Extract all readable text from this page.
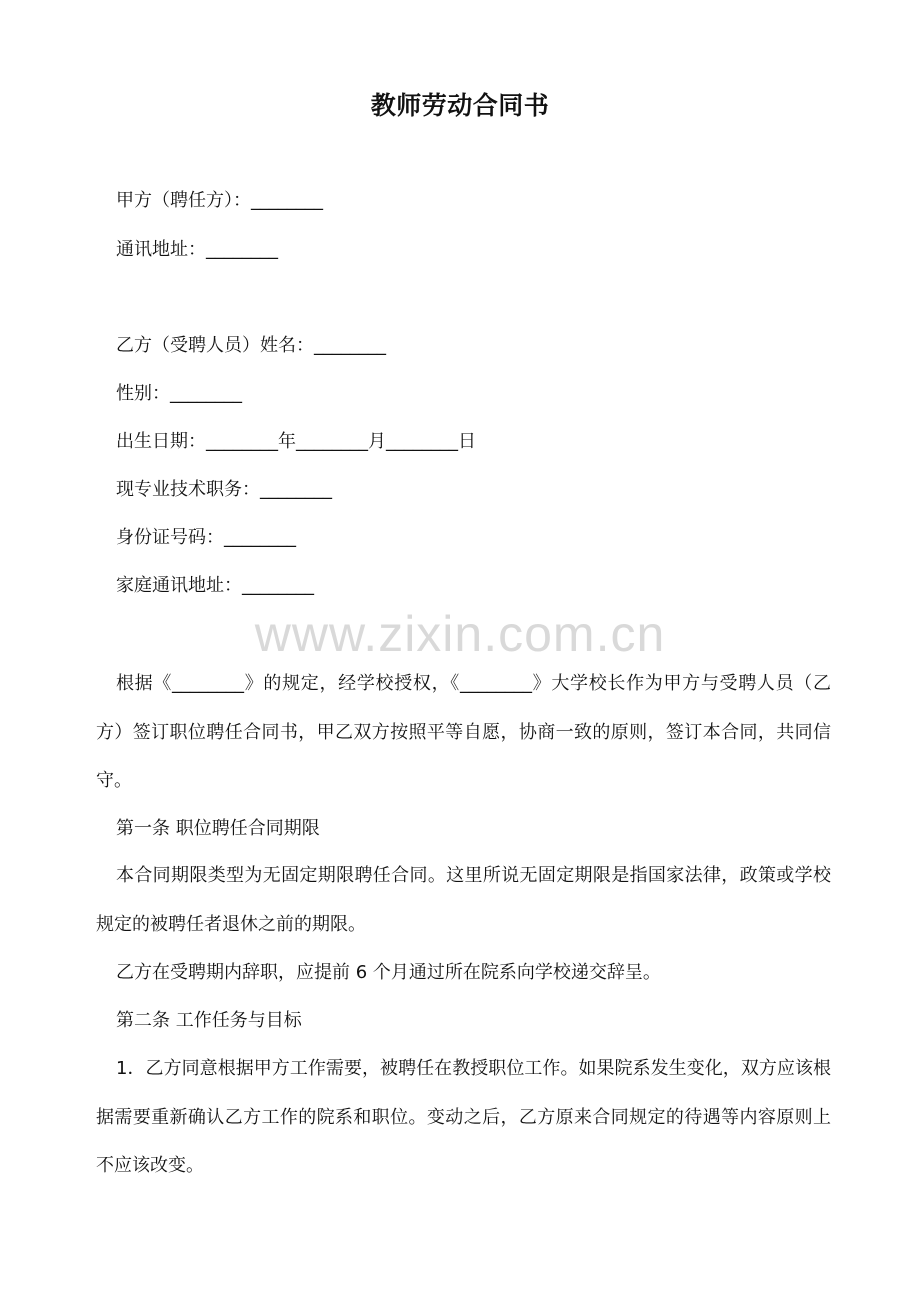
教师劳动合同书
甲方（聘任方）：________
通讯地址：________
乙方（受聘人员）姓名：________
性别：________
出生日期：________年________月________日
现专业技术职务：________
身份证号码：________
家庭通讯地址：________
www.zixin.com.cn
根据《________》的规定，经学校授权，《________》大学校长作为甲方与受聘人员（乙方）签订职位聘任合同书，甲乙双方按照平等自愿，协商一致的原则，签订本合同，共同信守。
第一条 职位聘任合同期限
本合同期限类型为无固定期限聘任合同。这里所说无固定期限是指国家法律，政策或学校规定的被聘任者退休之前的期限。
乙方在受聘期内辞职，应提前 6 个月通过所在院系向学校递交辞呈。
第二条 工作任务与目标
1．乙方同意根据甲方工作需要，被聘任在教授职位工作。如果院系发生变化，双方应该根据需要重新确认乙方工作的院系和职位。变动之后，乙方原来合同规定的待遇等内容原则上不应该改变。
